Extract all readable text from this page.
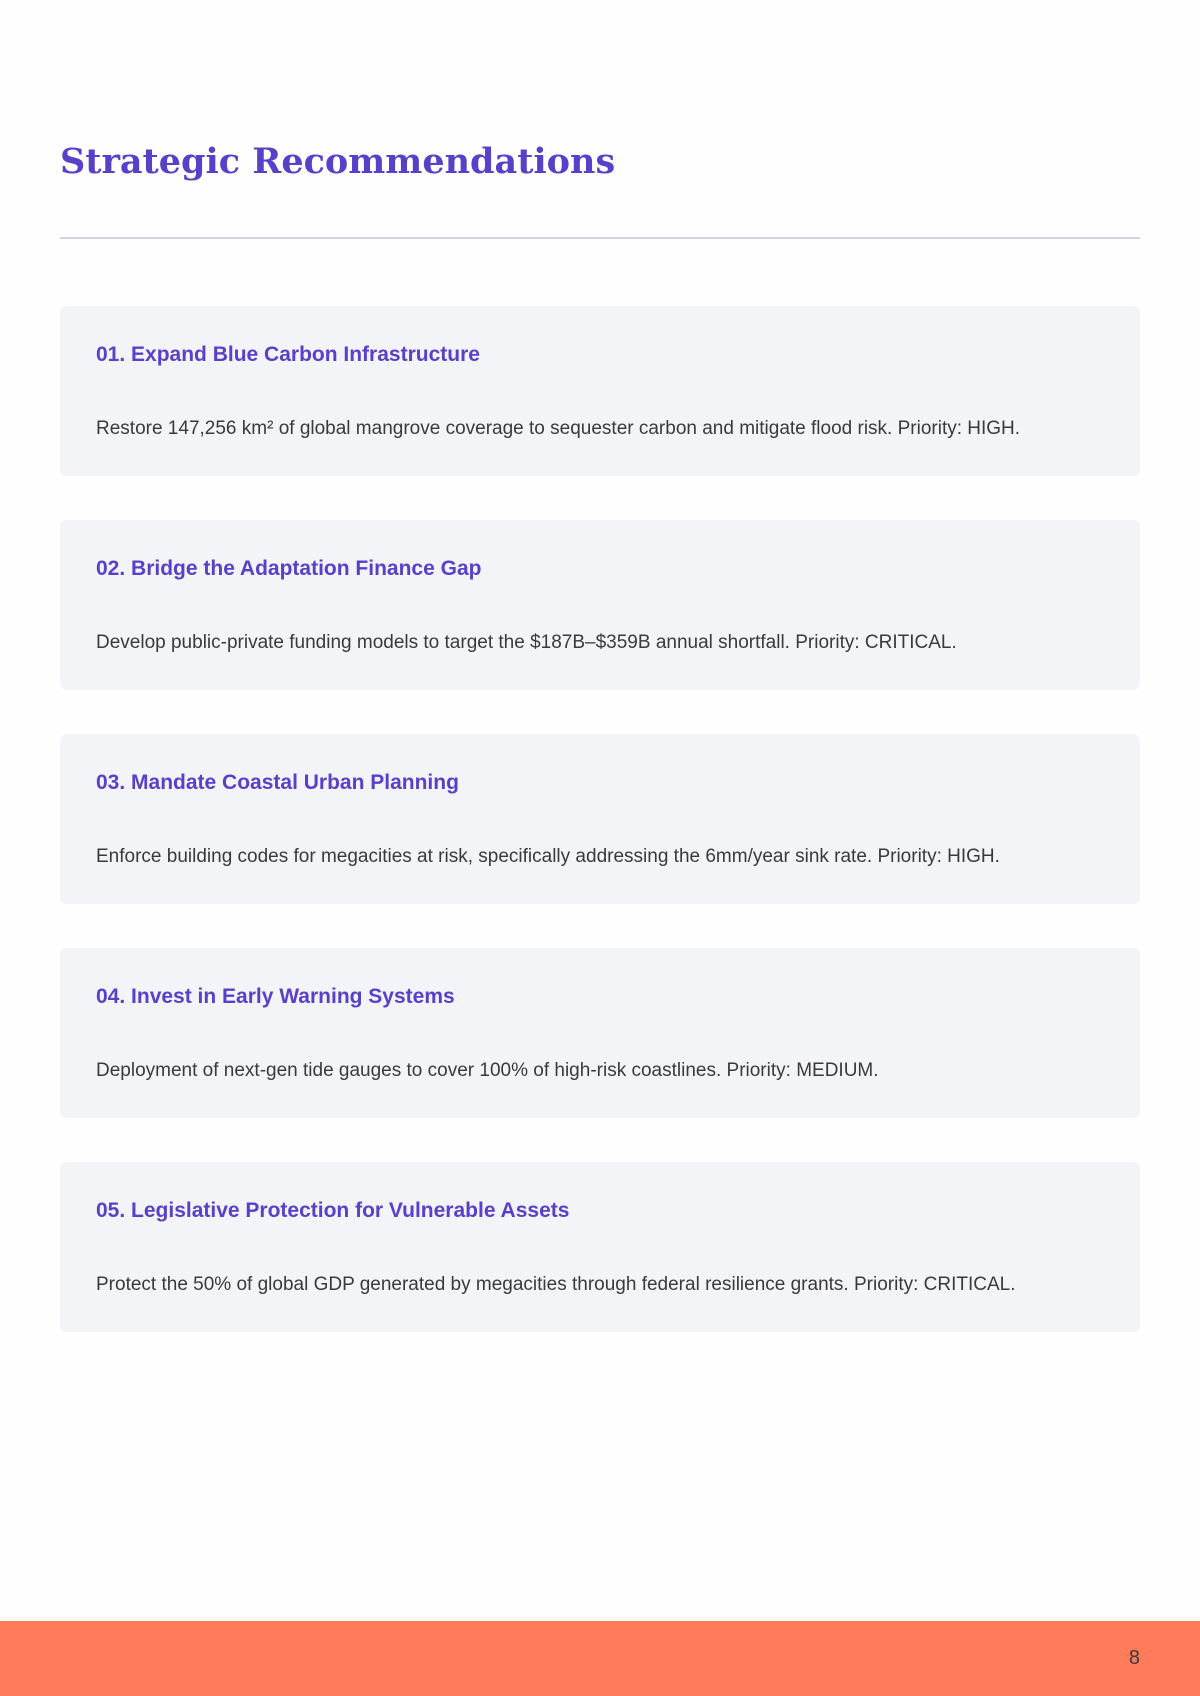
Strategic Recommendations
01. Expand Blue Carbon Infrastructure

Restore 147,256 km² of global mangrove coverage to sequester carbon and mitigate flood risk. Priority: HIGH.

02. Bridge the Adaptation Finance Gap

Develop public-private funding models to target the $187B–$359B annual shortfall. Priority: CRITICAL.

03. Mandate Coastal Urban Planning

Enforce building codes for megacities at risk, specifically addressing the 6mm/year sink rate. Priority: HIGH.

04. Invest in Early Warning Systems

Deployment of next-gen tide gauges to cover 100% of high-risk coastlines. Priority: MEDIUM.

05. Legislative Protection for Vulnerable Assets

Protect the 50% of global GDP generated by megacities through federal resilience grants. Priority: CRITICAL.

8
